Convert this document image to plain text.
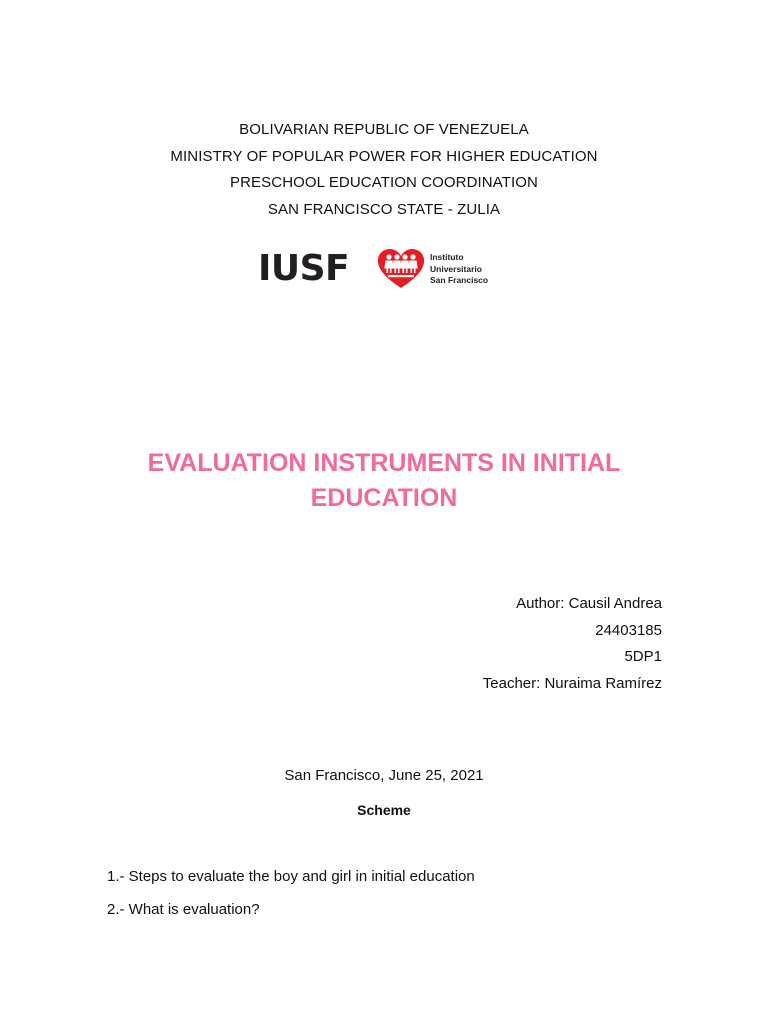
BOLIVARIAN REPUBLIC OF VENEZUELA
MINISTRY OF POPULAR POWER FOR HIGHER EDUCATION
PRESCHOOL EDUCATION COORDINATION
SAN FRANCISCO STATE - ZULIA
IUSF	Instituto
Universitario
San Francisco
EVALUATION INSTRUMENTS IN INITIAL
EDUCATION
Author: Causil Andrea
24403185
5DP1
Teacher: Nuraima Ramírez
San Francisco, June 25, 2021
Scheme
1.- Steps to evaluate the boy and girl in initial education
2.- What is evaluation?
